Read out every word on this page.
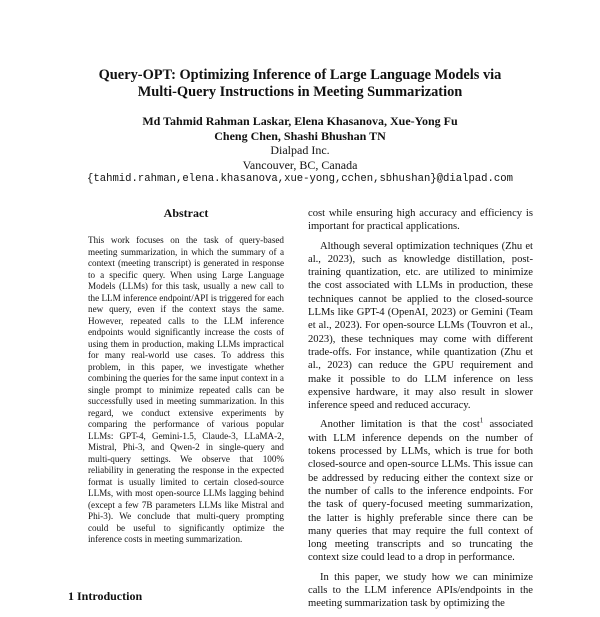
Query-OPT: Optimizing Inference of Large Language Models via
Multi-Query Instructions in Meeting Summarization
Md Tahmid Rahman Laskar, Elena Khasanova, Xue-Yong Fu
Cheng Chen, Shashi Bhushan TN
Dialpad Inc.
Vancouver, BC, Canada
{tahmid.rahman,elena.khasanova,xue-yong,cchen,sbhushan}@dialpad.com
Abstract
This work focuses on the task of query-based meeting summarization, in which the summary of a context (meeting transcript) is generated in response to a specific query. When using Large Language Models (LLMs) for this task, usually a new call to the LLM inference endpoint/API is triggered for each new query, even if the context stays the same. However, repeated calls to the LLM inference endpoints would significantly increase the costs of using them in production, making LLMs impractical for many real-world use cases. To address this problem, in this paper, we investigate whether combining the queries for the same input context in a single prompt to minimize repeated calls can be successfully used in meeting summarization. In this regard, we conduct extensive experiments by comparing the performance of various popular LLMs: GPT-4, Gemini-1.5, Claude-3, LLaMA-2, Mistral, Phi-3, and Qwen-2 in single-query and multi-query settings. We observe that 100% reliability in generating the response in the expected format is usually limited to certain closed-source LLMs, with most open-source LLMs lagging behind (except a few 7B parameters LLMs like Mistral and Phi-3). We conclude that multi-query prompting could be useful to significantly optimize the inference costs in meeting summarization.
1 Introduction

cost while ensuring high accuracy and efficiency is important for practical applications.

Although several optimization techniques (Zhu et al., 2023), such as knowledge distillation, post-training quantization, etc. are utilized to minimize the cost associated with LLMs in production, these techniques cannot be applied to the closed-source LLMs like GPT-4 (OpenAI, 2023) or Gemini (Team et al., 2023). For open-source LLMs (Touvron et al., 2023), these techniques may come with different trade-offs. For instance, while quantization (Zhu et al., 2023) can reduce the GPU requirement and make it possible to do LLM inference on less expensive hardware, it may also result in slower inference speed and reduced accuracy.

Another limitation is that the cost$^1$ associated with LLM inference depends on the number of tokens processed by LLMs, which is true for both closed-source and open-source LLMs. This issue can be addressed by reducing either the context size or the number of calls to the inference endpoints. For the task of query-focused meeting summarization, the latter is highly preferable since there can be many queries that may require the full context of long meeting transcripts and so truncating the context size could lead to a drop in performance.

In this paper, we study how we can minimize calls to the LLM inference APIs/endpoints in the meeting summarization task by optimizing the
